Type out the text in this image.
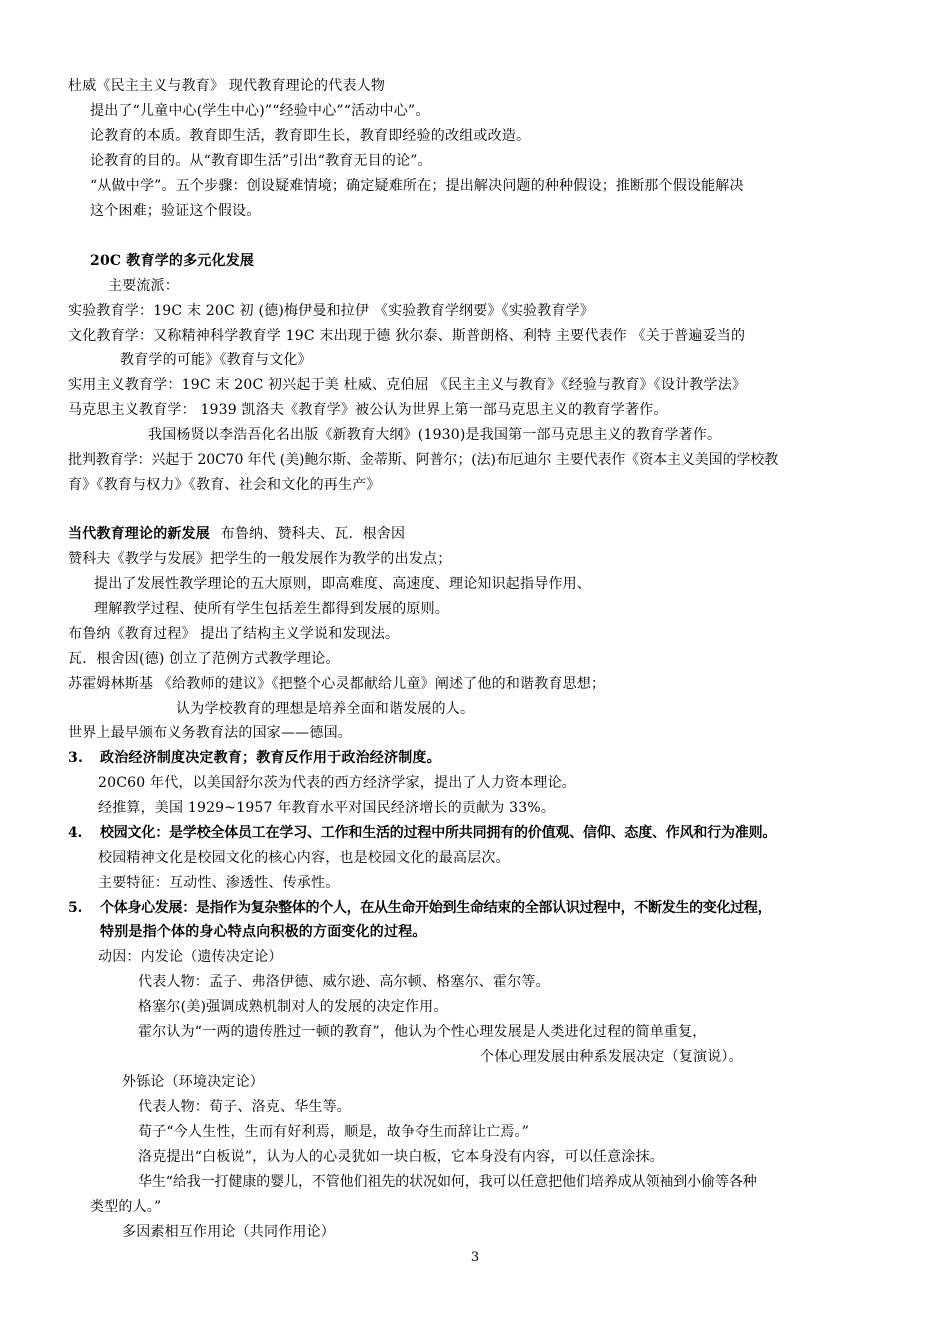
杜威《民主主义与教育》 现代教育理论的代表人物
提出了“儿童中心(学生中心)”“经验中心”“活动中心”。
论教育的本质。教育即生活，教育即生长，教育即经验的改组或改造。
论教育的目的。从“教育即生活”引出“教育无目的论”。
“从做中学”。五个步骤：创设疑难情境；确定疑难所在；提出解决问题的种种假设；推断那个假设能解决
这个困难；验证这个假设。
20C 教育学的多元化发展
主要流派：
实验教育学：19C 末 20C 初 (德)梅伊曼和拉伊 《实验教育学纲要》《实验教育学》
文化教育学：又称精神科学教育学 19C 末出现于德 狄尔泰、斯普朗格、利特 主要代表作 《关于普遍妥当的
教育学的可能》《教育与文化》
实用主义教育学：19C 末 20C 初兴起于美 杜威、克伯屈 《民主主义与教育》《经验与教育》《设计教学法》
马克思主义教育学： 1939 凯洛夫《教育学》被公认为世界上第一部马克思主义的教育学著作。
我国杨贤以李浩吾化名出版《新教育大纲》(1930)是我国第一部马克思主义的教育学著作。
批判教育学：兴起于 20C70 年代 (美)鲍尔斯、金蒂斯、阿普尔；(法)布厄迪尔 主要代表作《资本主义美国的学校教
育》《教育与权力》《教育、社会和文化的再生产》
当代教育理论的新发展 布鲁纳、赞科夫、瓦．根舍因
赞科夫《教学与发展》把学生的一般发展作为教学的出发点；
提出了发展性教学理论的五大原则，即高难度、高速度、理论知识起指导作用、
理解教学过程、使所有学生包括差生都得到发展的原则。
布鲁纳《教育过程》 提出了结构主义学说和发现法。
瓦．根舍因(德) 创立了范例方式教学理论。
苏霍姆林斯基 《给教师的建议》《把整个心灵都献给儿童》阐述了他的和谐教育思想；
认为学校教育的理想是培养全面和谐发展的人。
世界上最早颁布义务教育法的国家——德国。
3. 政治经济制度决定教育；教育反作用于政治经济制度。
20C60 年代，以美国舒尔茨为代表的西方经济学家，提出了人力资本理论。
经推算，美国 1929~1957 年教育水平对国民经济增长的贡献为 33%。
4. 校园文化：是学校全体员工在学习、工作和生活的过程中所共同拥有的价值观、信仰、态度、作风和行为准则。
校园精神文化是校园文化的核心内容，也是校园文化的最高层次。
主要特征：互动性、渗透性、传承性。
5. 个体身心发展：是指作为复杂整体的个人，在从生命开始到生命结束的全部认识过程中，不断发生的变化过程，
特别是指个体的身心特点向积极的方面变化的过程。
动因：内发论（遗传决定论）
代表人物：孟子、弗洛伊德、威尔逊、高尔顿、格塞尔、霍尔等。
格塞尔(美)强调成熟机制对人的发展的决定作用。
霍尔认为“一两的遗传胜过一顿的教育”，他认为个性心理发展是人类进化过程的简单重复，
个体心理发展由种系发展决定（复演说）。
外铄论（环境决定论）
代表人物：荀子、洛克、华生等。
荀子“今人生性，生而有好利焉，顺是，故争夺生而辞让亡焉。”
洛克提出“白板说”，认为人的心灵犹如一块白板，它本身没有内容，可以任意涂抹。
华生“给我一打健康的婴儿，不管他们祖先的状况如何，我可以任意把他们培养成从领袖到小偷等各种
类型的人。”
多因素相互作用论（共同作用论）
3
